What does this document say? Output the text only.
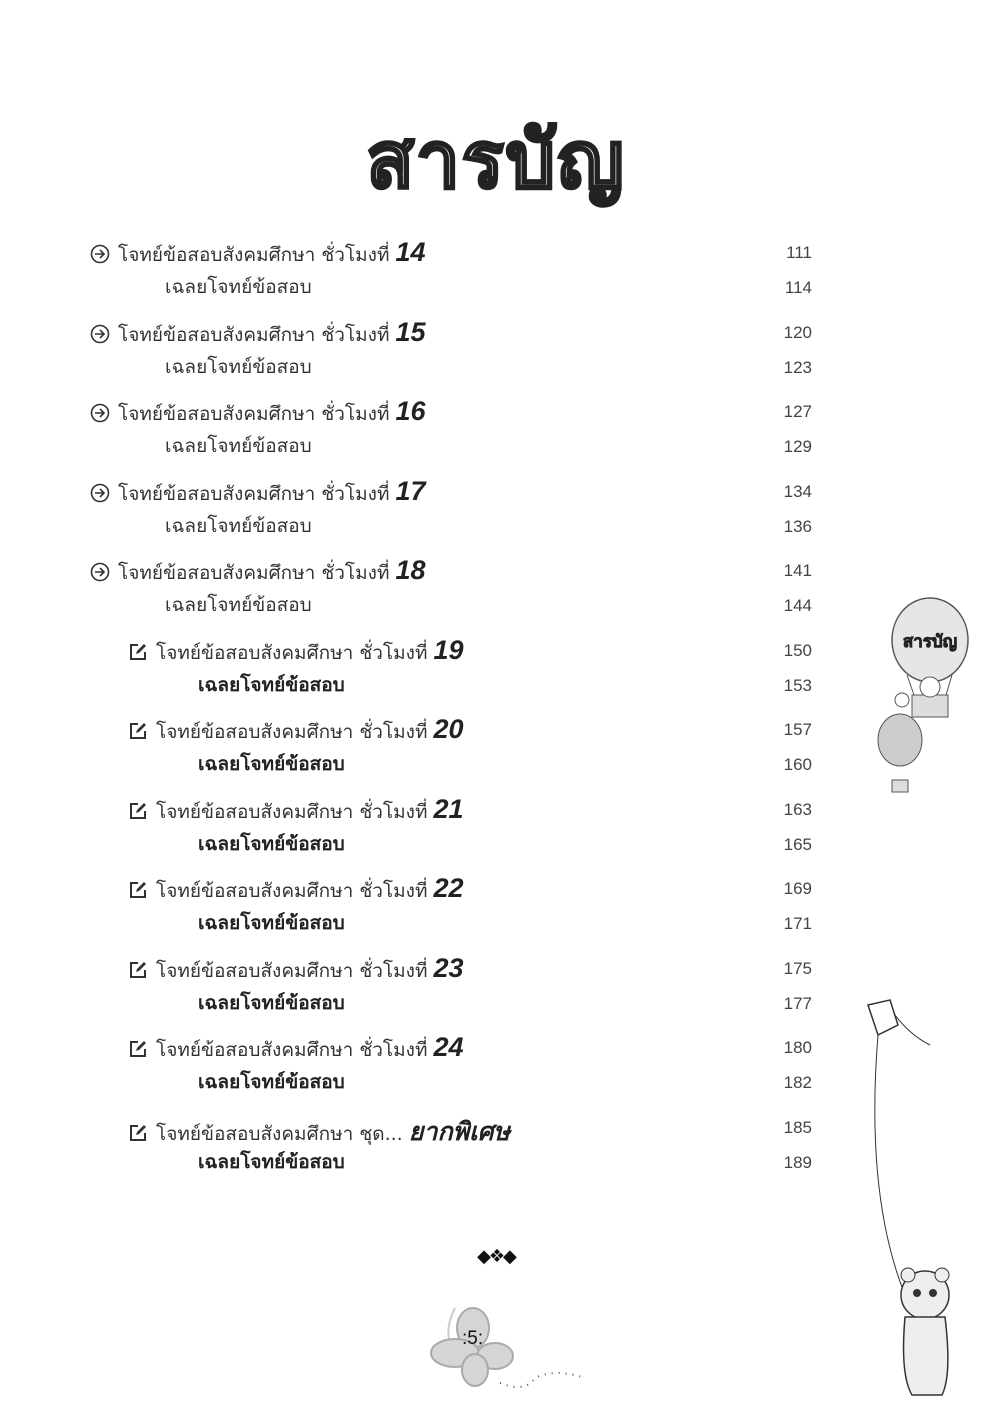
สารบัญ
โจทย์ข้อสอบสังคมศึกษา ชั่วโมงที่ 14	111
เฉลยโจทย์ข้อสอบ	114
โจทย์ข้อสอบสังคมศึกษา ชั่วโมงที่ 15	120
เฉลยโจทย์ข้อสอบ	123
โจทย์ข้อสอบสังคมศึกษา ชั่วโมงที่ 16	127
เฉลยโจทย์ข้อสอบ	129
โจทย์ข้อสอบสังคมศึกษา ชั่วโมงที่ 17	134
เฉลยโจทย์ข้อสอบ	136
โจทย์ข้อสอบสังคมศึกษา ชั่วโมงที่ 18	141
เฉลยโจทย์ข้อสอบ	144
โจทย์ข้อสอบสังคมศึกษา ชั่วโมงที่ 19	150
เฉลยโจทย์ข้อสอบ	153
โจทย์ข้อสอบสังคมศึกษา ชั่วโมงที่ 20	157
เฉลยโจทย์ข้อสอบ	160
โจทย์ข้อสอบสังคมศึกษา ชั่วโมงที่ 21	163
เฉลยโจทย์ข้อสอบ	165
โจทย์ข้อสอบสังคมศึกษา ชั่วโมงที่ 22	169
เฉลยโจทย์ข้อสอบ	171
โจทย์ข้อสอบสังคมศึกษา ชั่วโมงที่ 23	175
เฉลยโจทย์ข้อสอบ	177
โจทย์ข้อสอบสังคมศึกษา ชั่วโมงที่ 24	180
เฉลยโจทย์ข้อสอบ	182
โจทย์ข้อสอบสังคมศึกษา ชุด... ยากพิเศษ	185
เฉลยโจทย์ข้อสอบ	189
สารบัญ
◆❖◆
:5:
